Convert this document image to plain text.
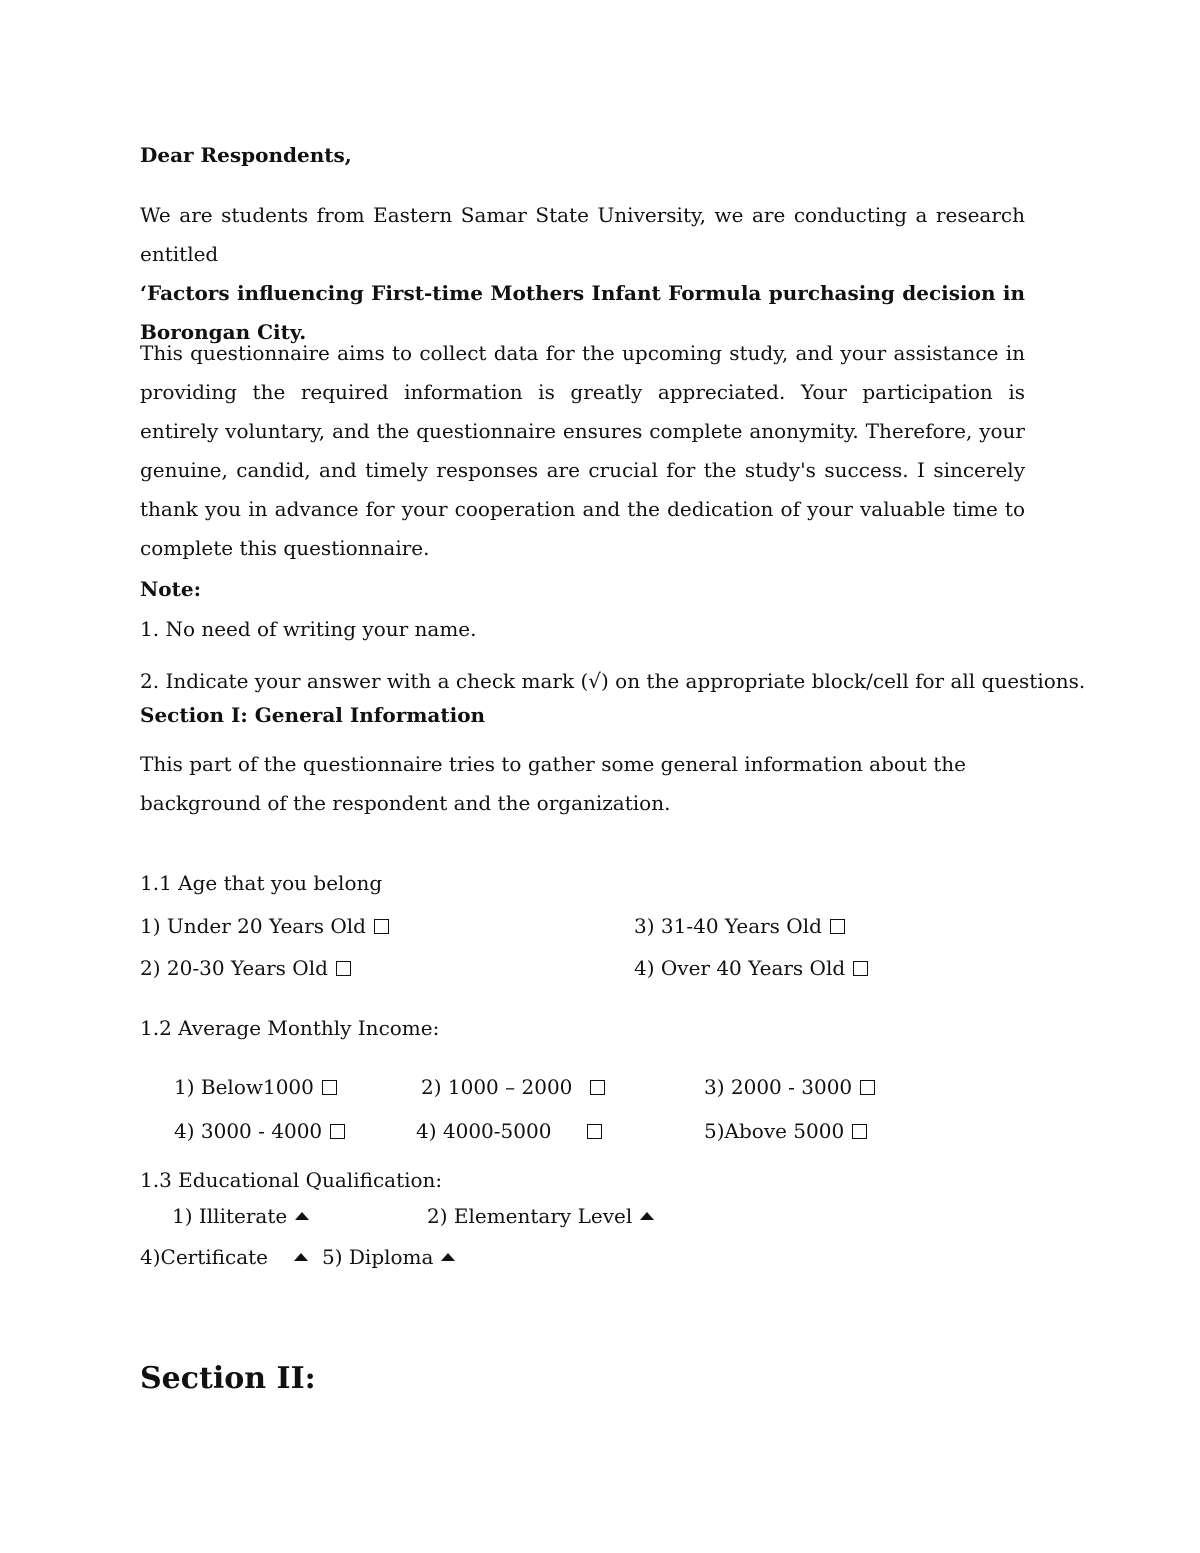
Dear Respondents,
We are students from Eastern Samar State University, we are conducting a research entitled
‘Factors influencing First-time Mothers Infant Formula purchasing decision in Borongan City.
This questionnaire aims to collect data for the upcoming study, and your assistance in providing the required information is greatly appreciated. Your participation is entirely voluntary, and the questionnaire ensures complete anonymity. Therefore, your genuine, candid, and timely responses are crucial for the study's success. I sincerely thank you in advance for your cooperation and the dedication of your valuable time to complete this questionnaire.
Note:
1. No need of writing your name.
2. Indicate your answer with a check mark (√) on the appropriate block/cell for all questions.
Section I: General Information
This part of the questionnaire tries to gather some general information about the background of the respondent and the organization.
1.1 Age that you belong
1) Under 20 Years Old	3) 31-40 Years Old
2) 20-30 Years Old	4) Over 40 Years Old
1.2 Average Monthly Income:
1) Below1000	2) 1000 – 2000	3) 2000 - 3000
4) 3000 - 4000	4) 4000-5000	5)Above 5000
1.3 Educational Qualification:
1) Illiterate	2) Elementary Level
4)Certificate	5) Diploma
Section II:
